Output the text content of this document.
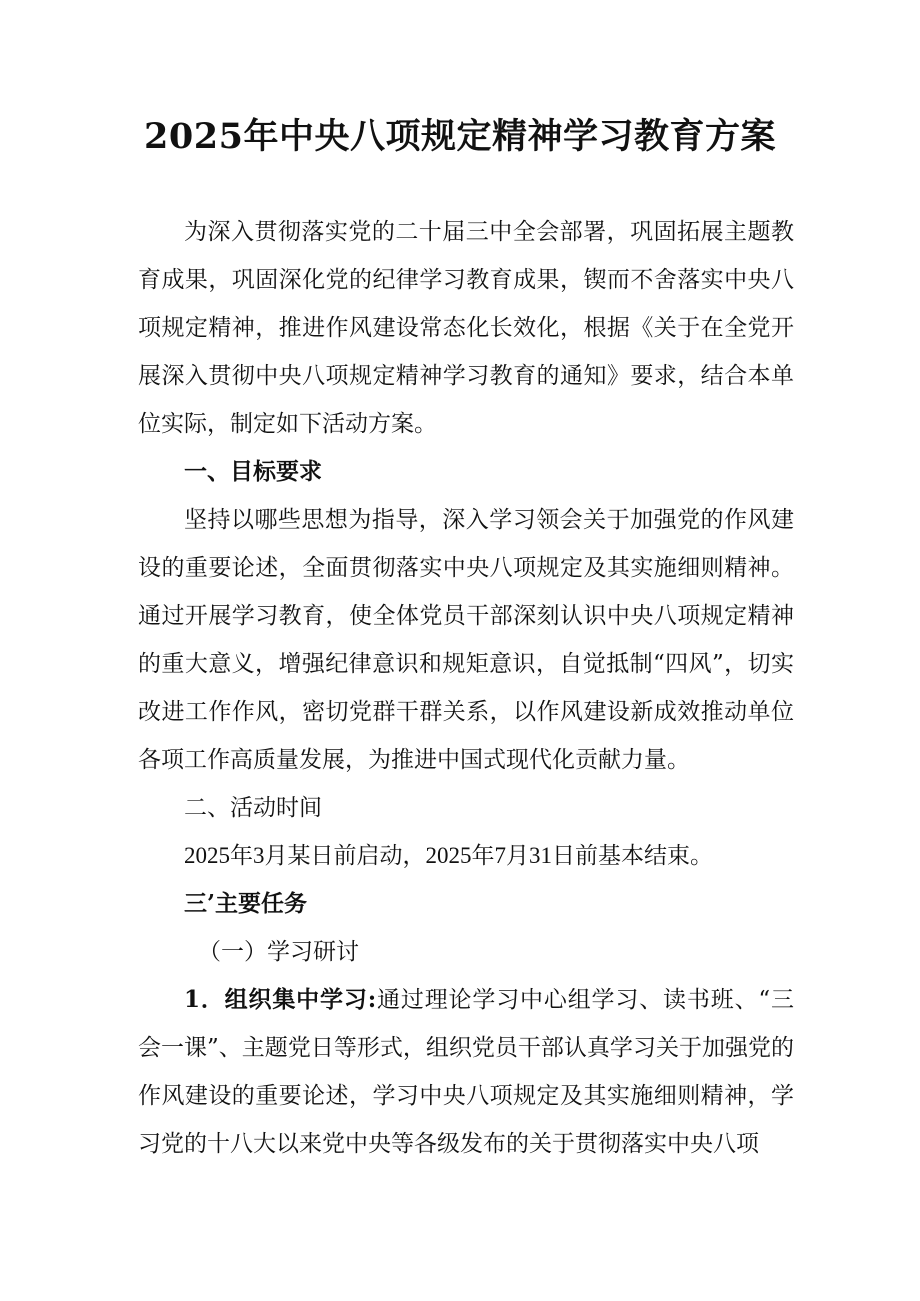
2025年中央八项规定精神学习教育方案

为深入贯彻落实党的二十届三中全会部署，巩固拓展主题教育成果，巩固深化党的纪律学习教育成果，锲而不舍落实中央八项规定精神，推进作风建设常态化长效化，根据《关于在全党开展深入贯彻中央八项规定精神学习教育的通知》要求，结合本单位实际，制定如下活动方案。

一、目标要求

坚持以哪些思想为指导，深入学习领会关于加强党的作风建设的重要论述，全面贯彻落实中央八项规定及其实施细则精神。通过开展学习教育，使全体党员干部深刻认识中央八项规定精神的重大意义，增强纪律意识和规矩意识，自觉抵制“四风”，切实改进工作作风，密切党群干群关系，以作风建设新成效推动单位各项工作高质量发展，为推进中国式现代化贡献力量。

二、活动时间

2025年3月某日前启动，2025年7月31日前基本结束。

三’主要任务

（一）学习研讨

1．组织集中学习:通过理论学习中心组学习、读书班、“三会一课”、主题党日等形式，组织党员干部认真学习关于加强党的作风建设的重要论述，学习中央八项规定及其实施细则精神，学习党的十八大以来党中央等各级发布的关于贯彻落实中央八项
